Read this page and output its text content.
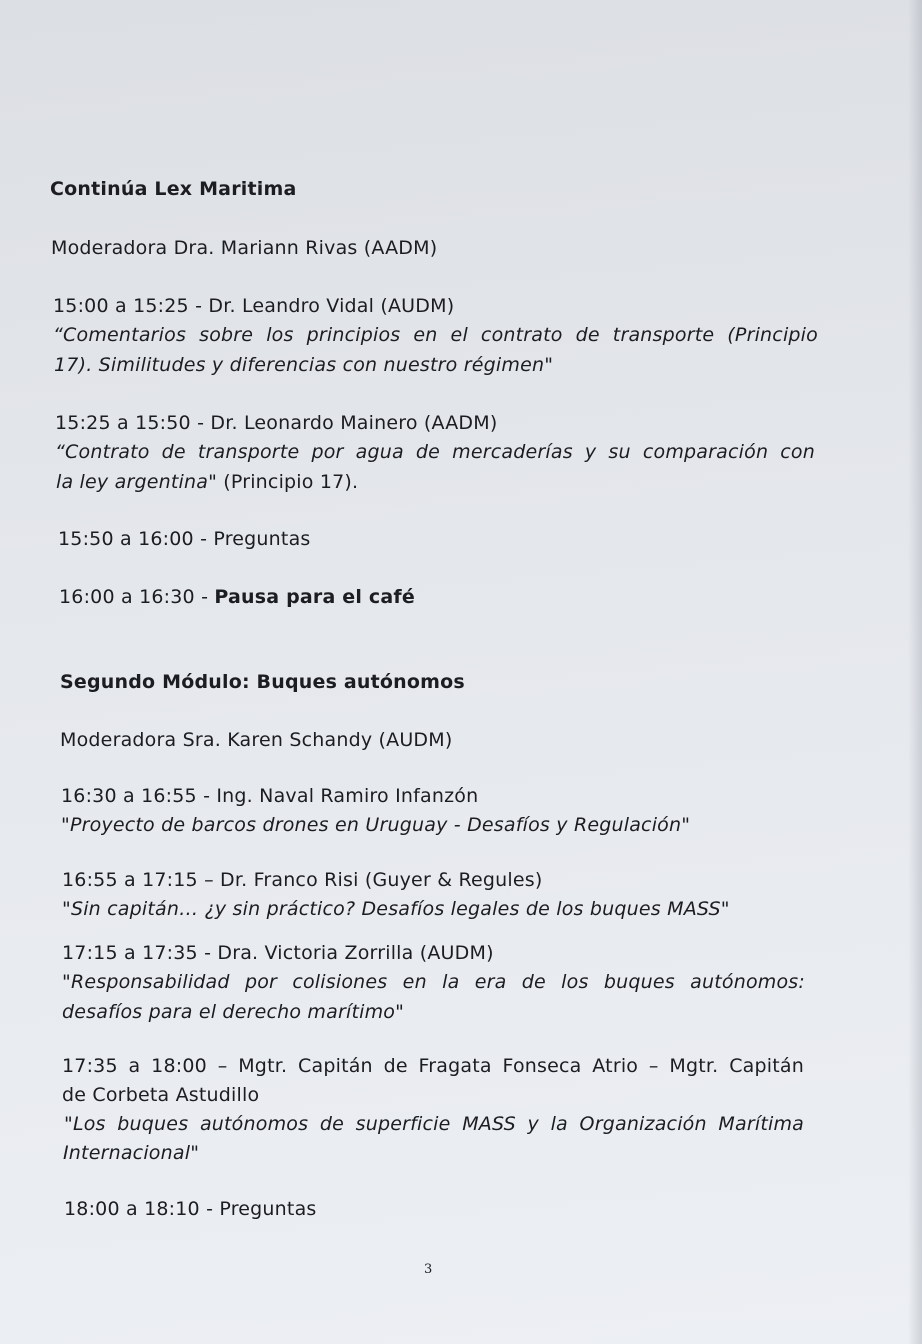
Continúa Lex Maritima
Moderadora Dra. Mariann Rivas (AADM)
15:00 a 15:25 - Dr. Leandro Vidal (AUDM)
“Comentarios sobre los principios en el contrato de transporte (Principio
17). Similitudes y diferencias con nuestro régimen"
15:25 a 15:50 - Dr. Leonardo Mainero (AADM)
“Contrato de transporte por agua de mercaderías y su comparación con
la ley argentina" (Principio 17).
15:50 a 16:00 - Preguntas
16:00 a 16:30 - Pausa para el café
Segundo Módulo: Buques autónomos
Moderadora Sra. Karen Schandy (AUDM)
16:30 a 16:55 - Ing. Naval Ramiro Infanzón
"Proyecto de barcos drones en Uruguay - Desafíos y Regulación"
16:55 a 17:15 – Dr. Franco Risi (Guyer & Regules)
"Sin capitán… ¿y sin práctico? Desafíos legales de los buques MASS"
17:15 a 17:35 - Dra. Victoria Zorrilla (AUDM)
"Responsabilidad por colisiones en la era de los buques autónomos:
desafíos para el derecho marítimo"
17:35 a 18:00 – Mgtr. Capitán de Fragata Fonseca Atrio – Mgtr. Capitán
de Corbeta Astudillo
"Los buques autónomos de superficie MASS y la Organización Marítima
Internacional"
18:00 a 18:10 - Preguntas
3
